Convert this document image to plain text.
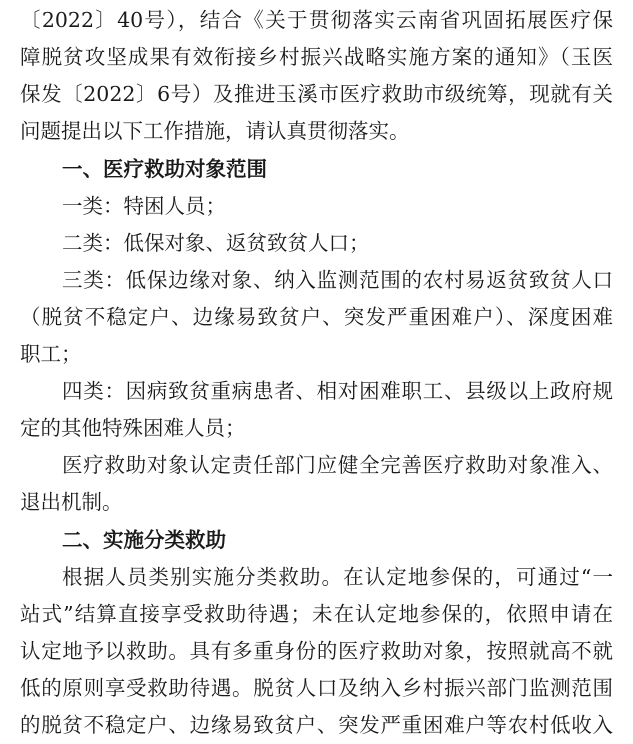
〔2022〕40号），结合《关于贯彻落实云南省巩固拓展医疗保
障脱贫攻坚成果有效衔接乡村振兴战略实施方案的通知》（玉医
保发〔2022〕6号）及推进玉溪市医疗救助市级统筹，现就有关
问题提出以下工作措施，请认真贯彻落实。
一、医疗救助对象范围
一类：特困人员；
二类：低保对象、返贫致贫人口；
三类：低保边缘对象、纳入监测范围的农村易返贫致贫人口
（脱贫不稳定户、边缘易致贫户、突发严重困难户）、深度困难
职工；
四类：因病致贫重病患者、相对困难职工、县级以上政府规
定的其他特殊困难人员；
医疗救助对象认定责任部门应健全完善医疗救助对象准入、
退出机制。
二、实施分类救助
根据人员类别实施分类救助。在认定地参保的，可通过“一
站式”结算直接享受救助待遇；未在认定地参保的，依照申请在
认定地予以救助。具有多重身份的医疗救助对象，按照就高不就
低的原则享受救助待遇。脱贫人口及纳入乡村振兴部门监测范围
的脱贫不稳定户、边缘易致贫户、突发严重困难户等农村低收入
